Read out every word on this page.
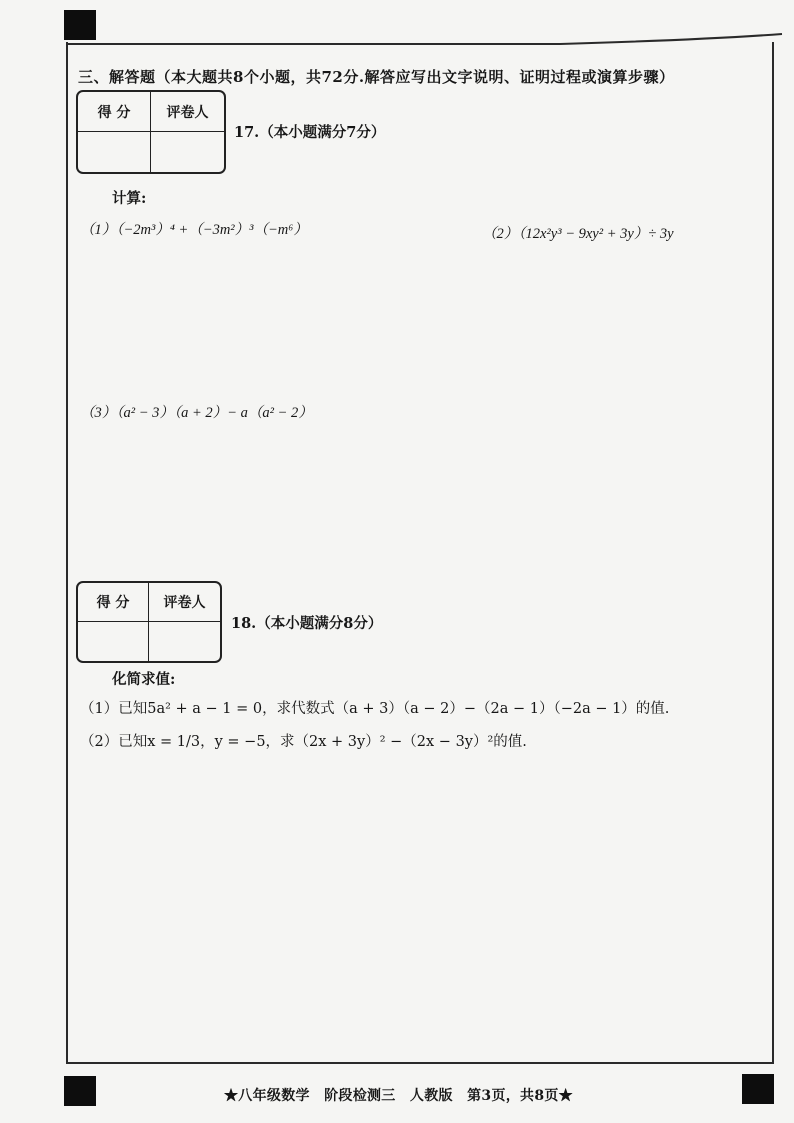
三、解答题（本大题共8个小题，共72分.解答应写出文字说明、证明过程或演算步骤）
得 分	评卷人
17.（本小题满分7分）
计算:
（1）（−2m³）⁴ +（−3m²）³（−m⁶）	（2）（12x²y³ − 9xy² + 3y）÷ 3y
（3）（a² − 3）（a + 2）− a（a² − 2）
得 分	评卷人
18.（本小题满分8分）
化简求值:
（1）已知5a² + a − 1 = 0，求代数式（a + 3）（a − 2）−（2a − 1）（−2a − 1）的值.
（2）已知x = 1/3，y = −5，求（2x + 3y）² −（2x − 3y）²的值.
★八年级数学　阶段检测三　人教版　第3页，共8页★
